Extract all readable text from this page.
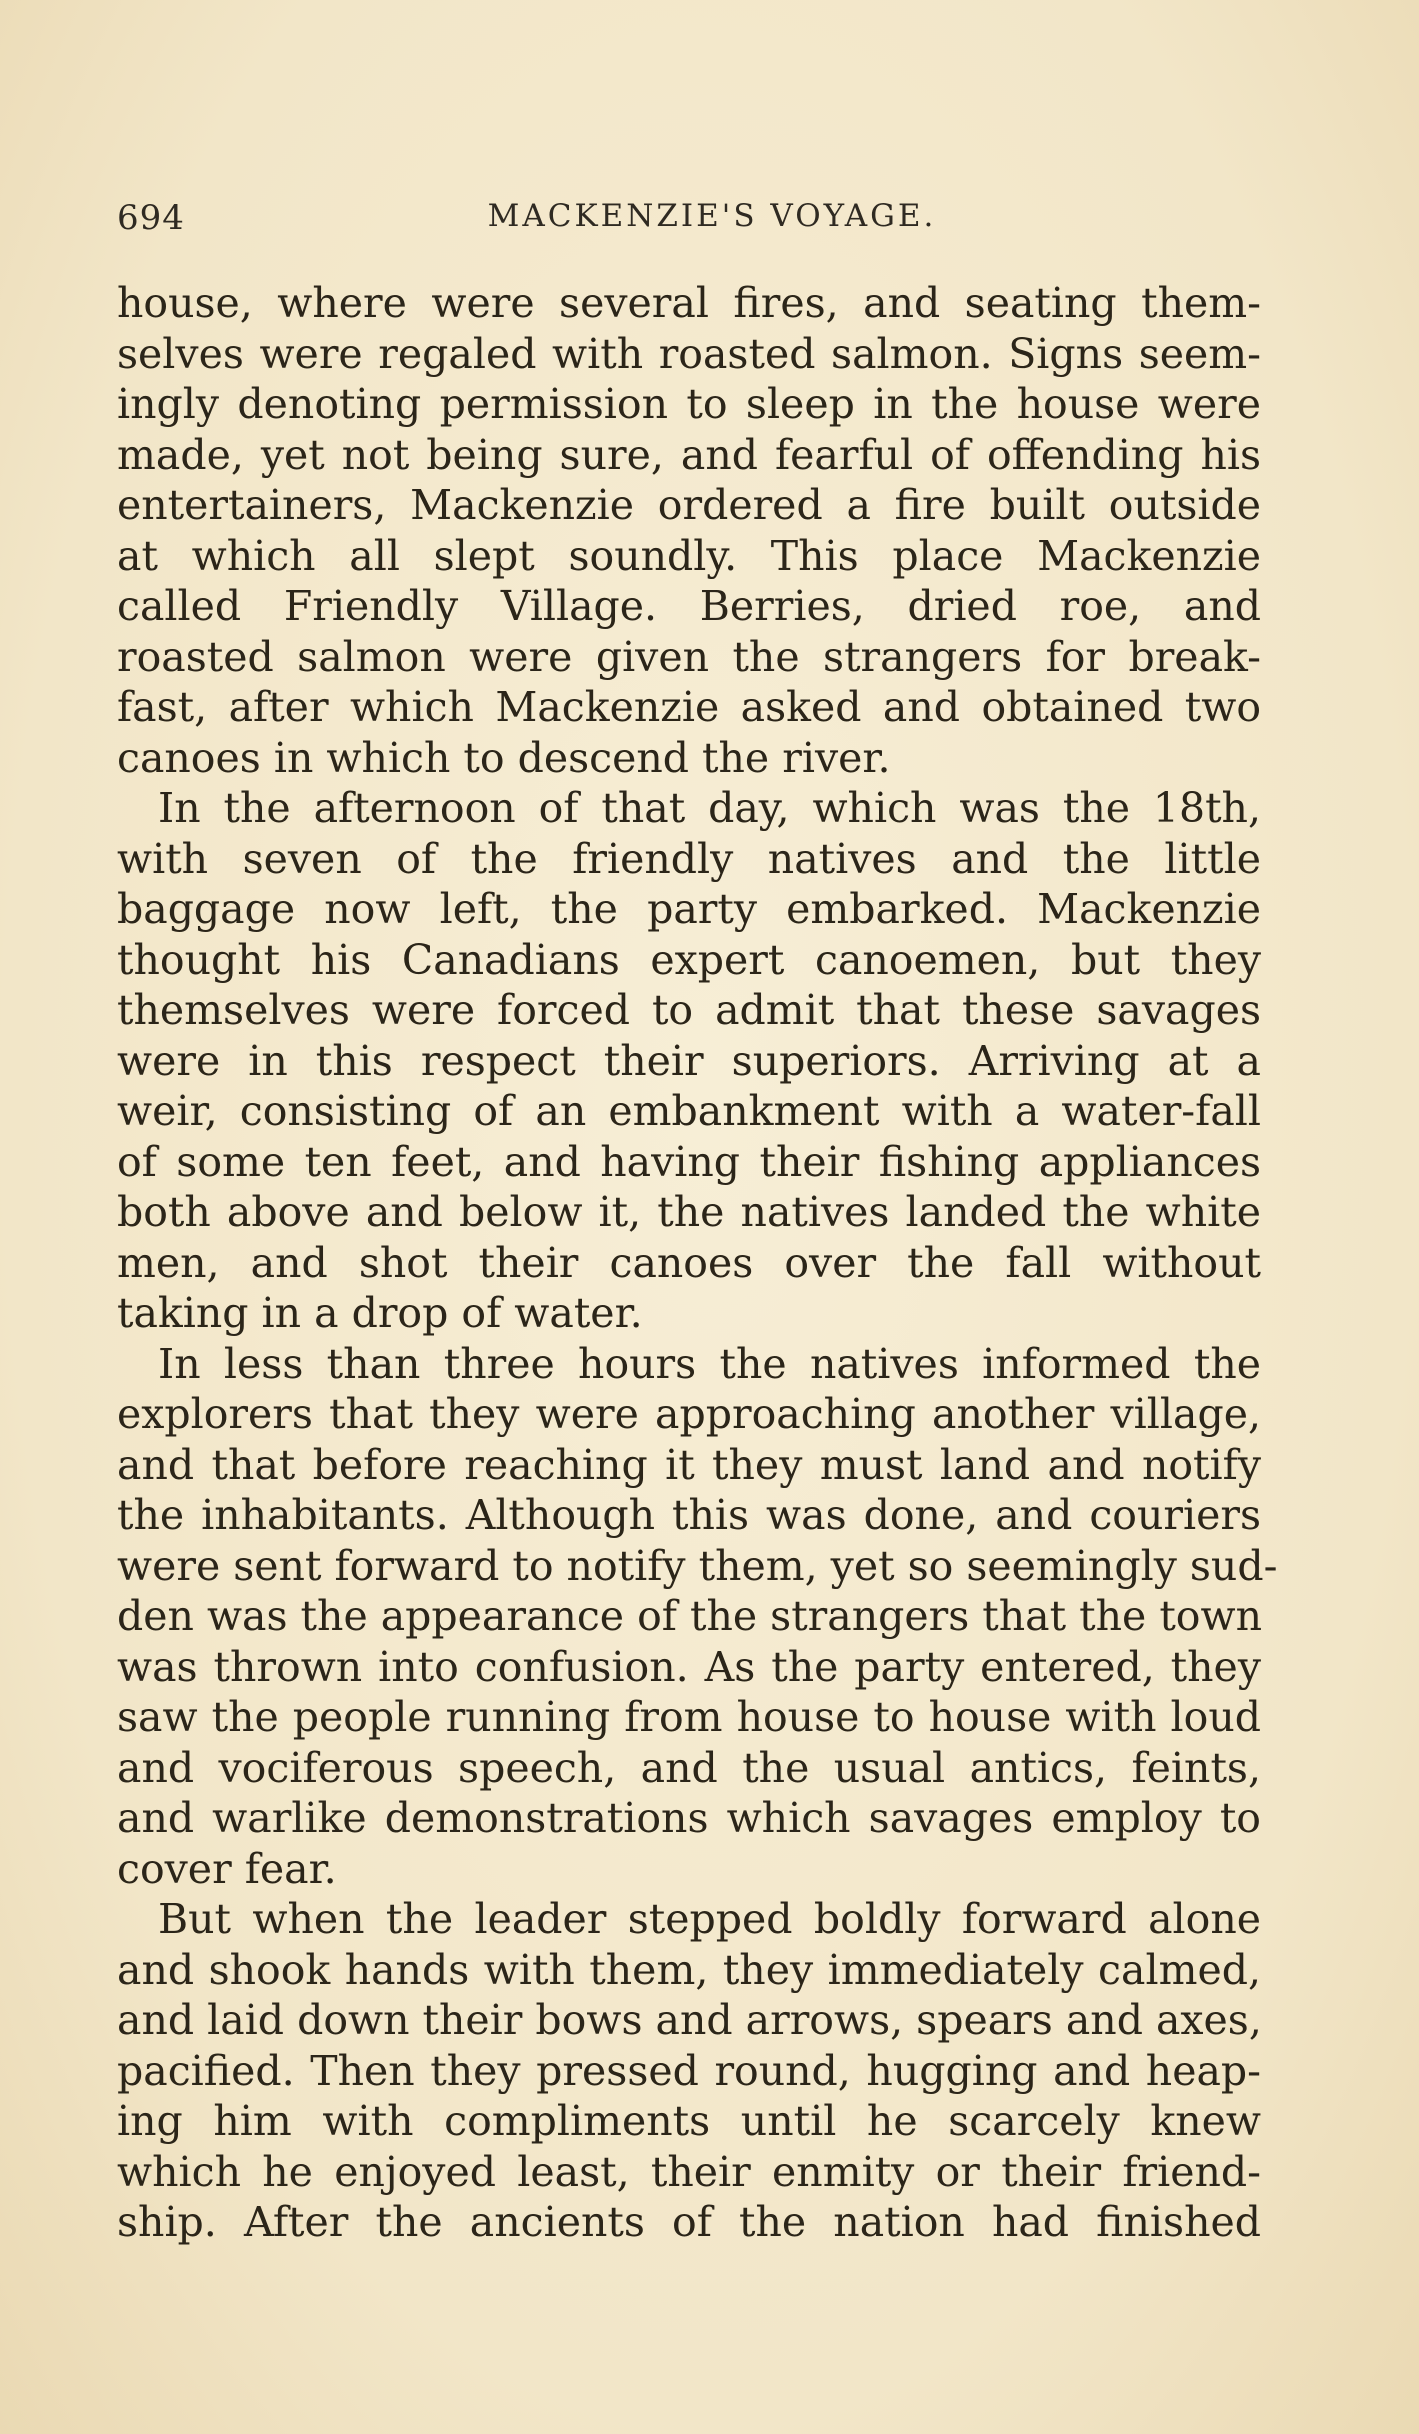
694	MACKENZIE'S VOYAGE.
house, where were several fires, and seating them-
selves were regaled with roasted salmon. Signs seem-
ingly denoting permission to sleep in the house were
made, yet not being sure, and fearful of offending his
entertainers, Mackenzie ordered a fire built outside
at which all slept soundly. This place Mackenzie
called Friendly Village. Berries, dried roe, and
roasted salmon were given the strangers for break-
fast, after which Mackenzie asked and obtained two
canoes in which to descend the river.
 In the afternoon of that day, which was the 18th,
with seven of the friendly natives and the little
baggage now left, the party embarked. Mackenzie
thought his Canadians expert canoemen, but they
themselves were forced to admit that these savages
were in this respect their superiors. Arriving at a
weir, consisting of an embankment with a water-fall
of some ten feet, and having their fishing appliances
both above and below it, the natives landed the white
men, and shot their canoes over the fall without
taking in a drop of water.
 In less than three hours the natives informed the
explorers that they were approaching another village,
and that before reaching it they must land and notify
the inhabitants. Although this was done, and couriers
were sent forward to notify them, yet so seemingly sud-
den was the appearance of the strangers that the town
was thrown into confusion. As the party entered, they
saw the people running from house to house with loud
and vociferous speech, and the usual antics, feints,
and warlike demonstrations which savages employ to
cover fear.
 But when the leader stepped boldly forward alone
and shook hands with them, they immediately calmed,
and laid down their bows and arrows, spears and axes,
pacified. Then they pressed round, hugging and heap-
ing him with compliments until he scarcely knew
which he enjoyed least, their enmity or their friend-
ship. After the ancients of the nation had finished
